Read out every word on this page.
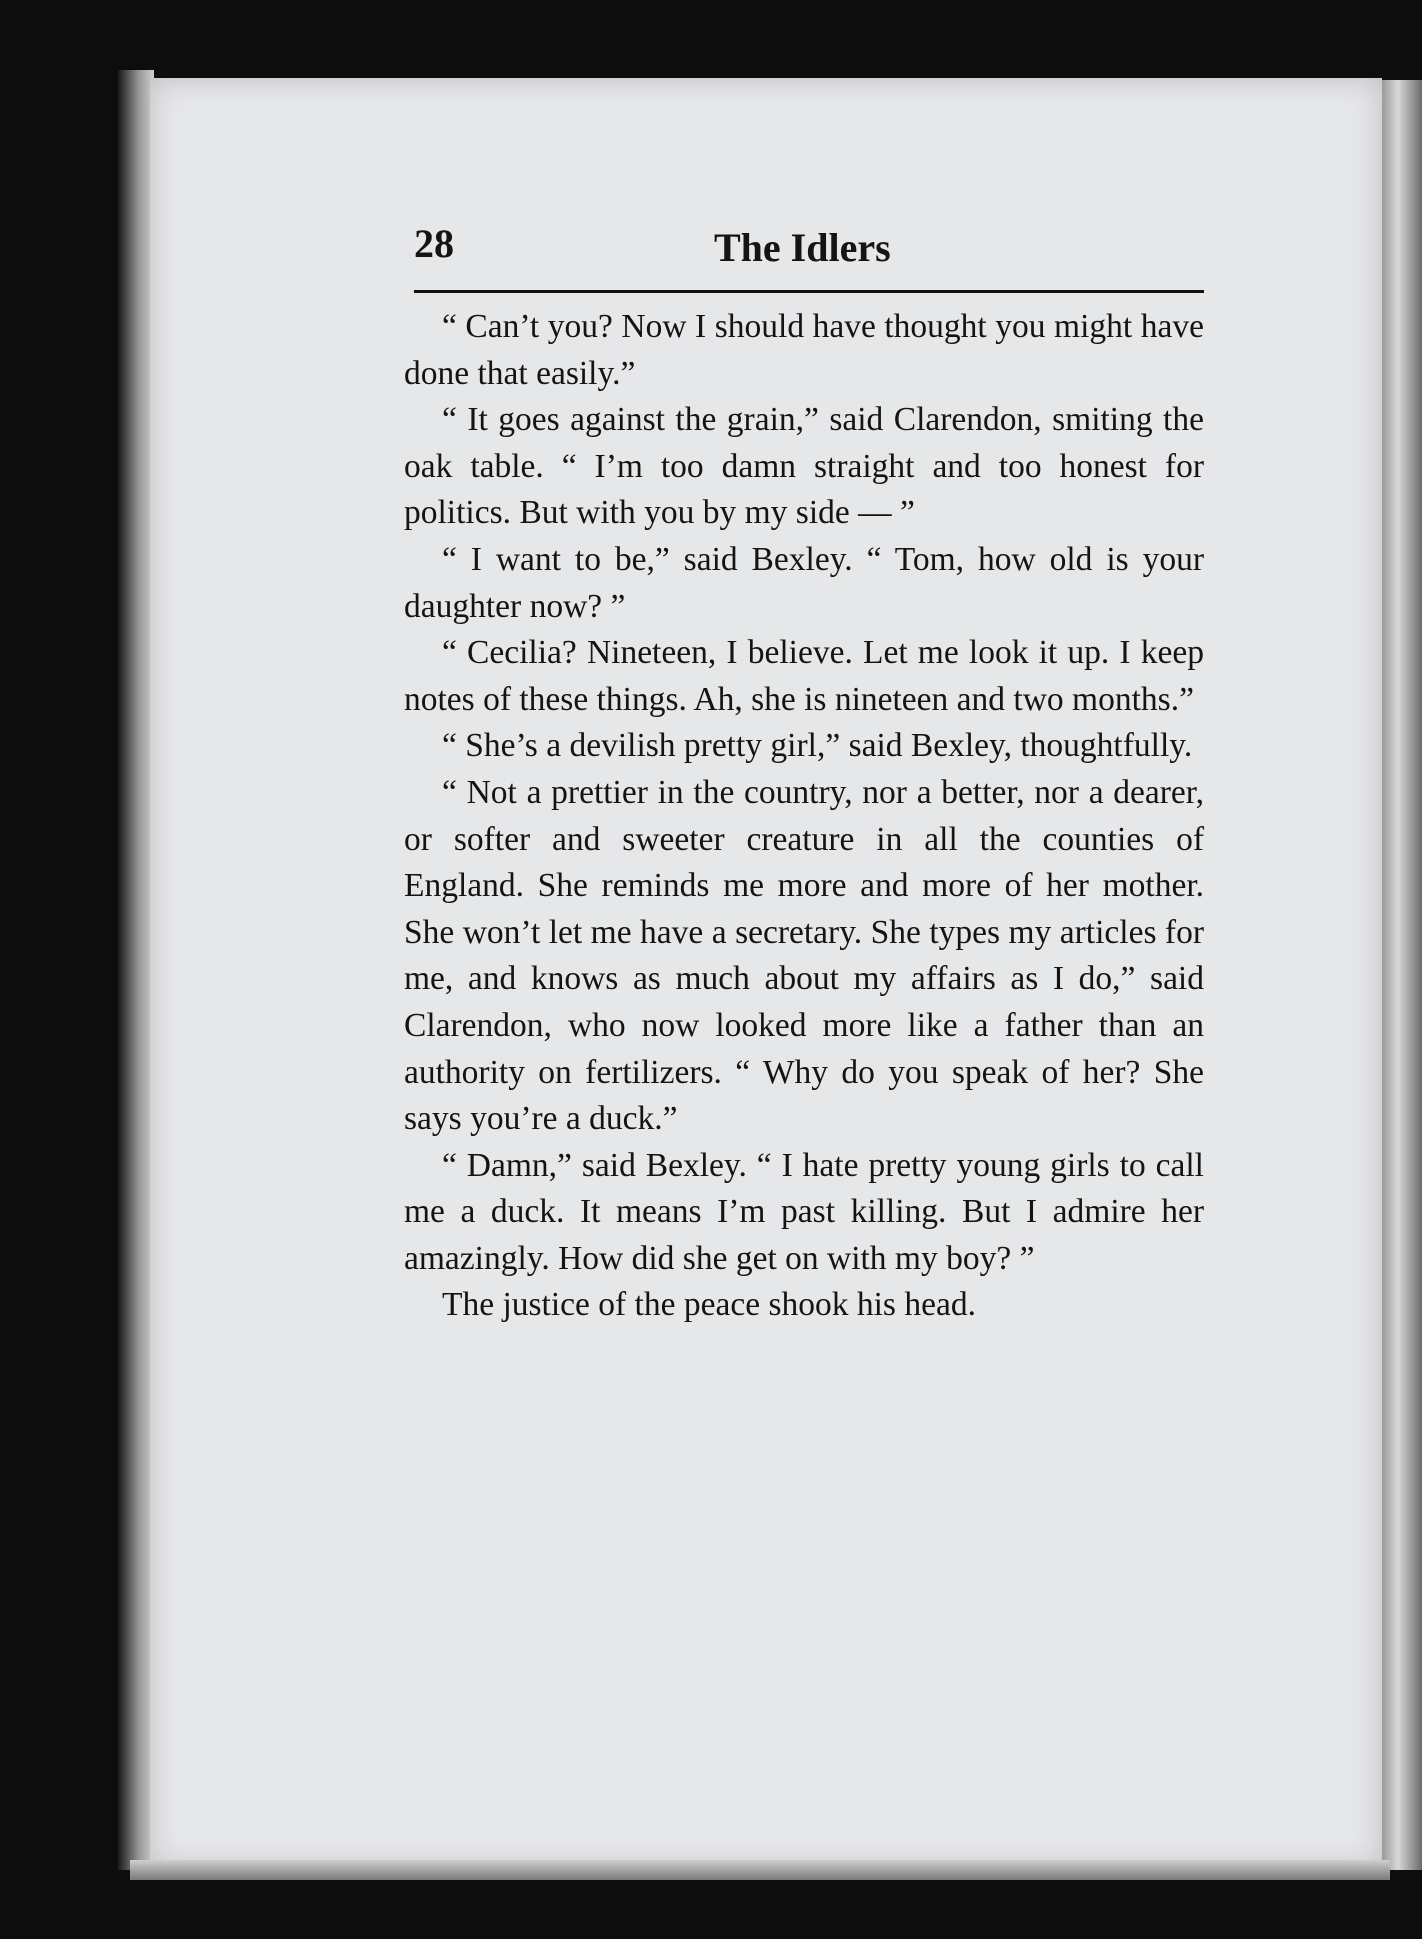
28	The Idlers

“ Can’t you? Now I should have thought you might have done that easily.”

“ It goes against the grain,” said Clarendon, smiting the oak table. “ I’m too damn straight and too honest for politics. But with you by my side — ”

“ I want to be,” said Bexley. “ Tom, how old is your daughter now? ”

“ Cecilia? Nineteen, I believe. Let me look it up. I keep notes of these things. Ah, she is nineteen and two months.”

“ She’s a devilish pretty girl,” said Bexley, thoughtfully.

“ Not a prettier in the country, nor a better, nor a dearer, or softer and sweeter creature in all the counties of England. She reminds me more and more of her mother. She won’t let me have a secretary. She types my articles for me, and knows as much about my affairs as I do,” said Clarendon, who now looked more like a father than an authority on fertilizers. “ Why do you speak of her? She says you’re a duck.”

“ Damn,” said Bexley. “ I hate pretty young girls to call me a duck. It means I’m past killing. But I admire her amazingly. How did she get on with my boy? ”

The justice of the peace shook his head.
